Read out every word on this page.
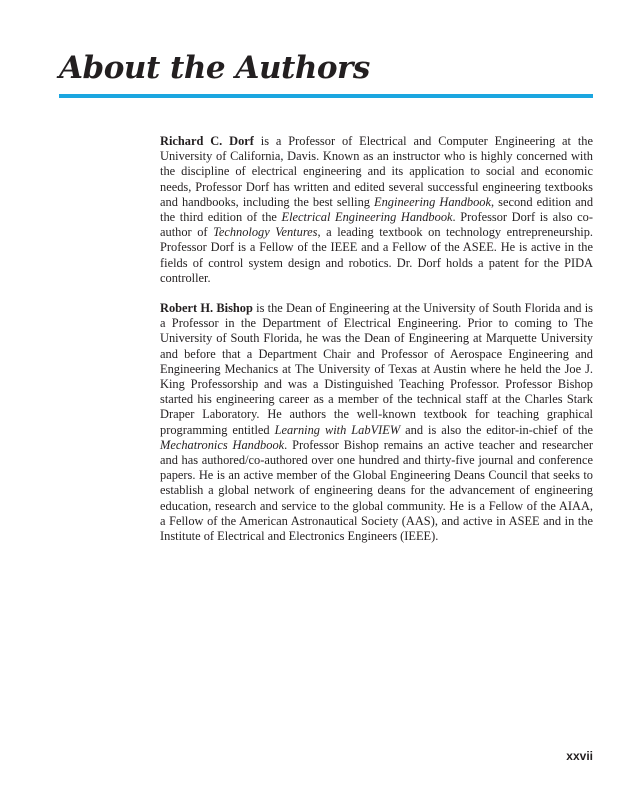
About the Authors

Richard C. Dorf is a Professor of Electrical and Computer Engineering at the University of California, Davis. Known as an instructor who is highly concerned with the discipline of electrical engineering and its application to social and economic needs, Professor Dorf has written and edited several successful engineering textbooks and handbooks, including the best selling Engineering Handbook, second edition and the third edition of the Electrical Engineering Handbook. Professor Dorf is also co-author of Technology Ventures, a leading textbook on technology entrepreneurship. Professor Dorf is a Fellow of the IEEE and a Fellow of the ASEE. He is active in the fields of control system design and robotics. Dr. Dorf holds a patent for the PIDA controller.

Robert H. Bishop is the Dean of Engineering at the University of South Florida and is a Professor in the Department of Electrical Engineering. Prior to coming to The University of South Florida, he was the Dean of Engineering at Marquette University and before that a Department Chair and Professor of Aerospace Engineering and Engineering Mechanics at The University of Texas at Austin where he held the Joe J. King Professorship and was a Distinguished Teaching Professor. Professor Bishop started his engineering career as a member of the technical staff at the Charles Stark Draper Laboratory. He authors the well-known textbook for teaching graphical programming entitled Learning with LabVIEW and is also the editor-in-chief of the Mechatronics Handbook. Professor Bishop remains an active teacher and researcher and has authored/co-authored over one hundred and thirty-five journal and conference papers. He is an active member of the Global Engineering Deans Council that seeks to establish a global network of engineering deans for the advancement of engineering education, research and service to the global community. He is a Fellow of the AIAA, a Fellow of the American Astronautical Society (AAS), and active in ASEE and in the Institute of Electrical and Electronics Engineers (IEEE).

xxvii
